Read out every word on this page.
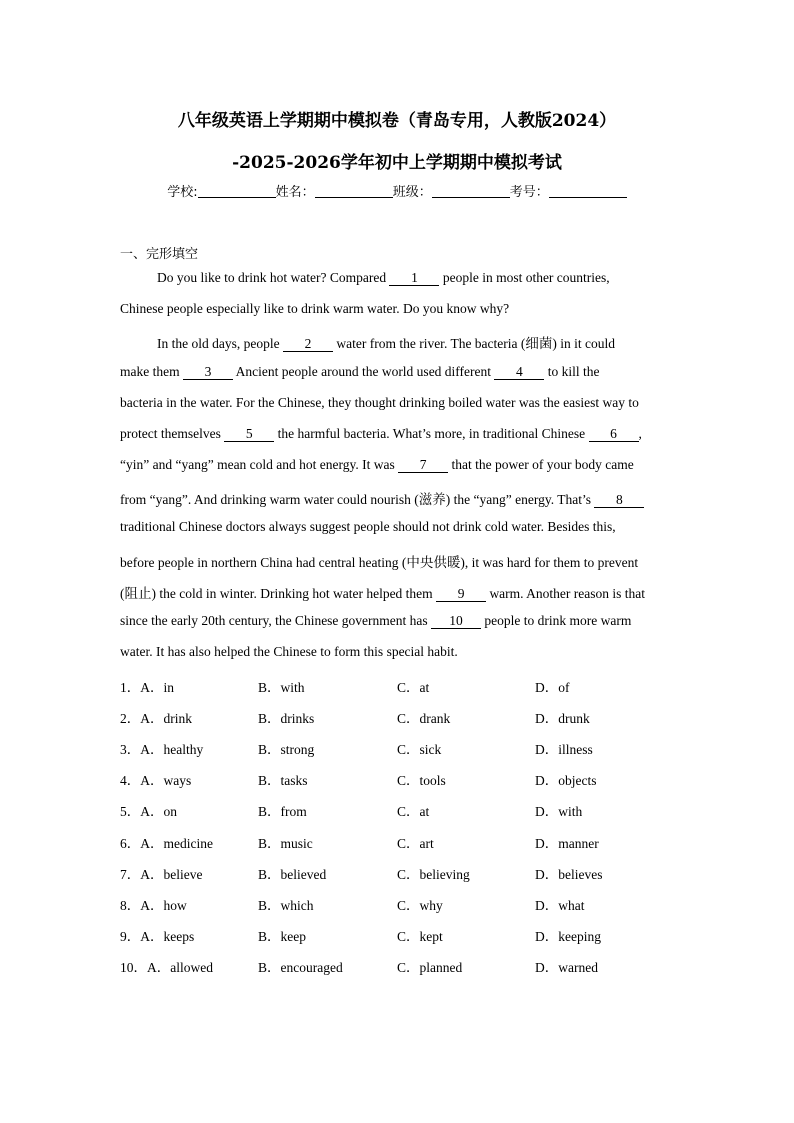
八年级英语上学期期中模拟卷（青岛专用，人教版2024）
-2025-2026学年初中上学期期中模拟考试
学校:	姓名：	班级：	考号：
一、完形填空
Do you like to drink hot water? Compared 1 people in most other countries,
Chinese people especially like to drink warm water. Do you know why?
In the old days, people 2 water from the river. The bacteria (细菌) in it could
make them 3 Ancient people around the world used different 4 to kill the
bacteria in the water. For the Chinese, they thought drinking boiled water was the easiest way to
protect themselves 5 the harmful bacteria. What’s more, in traditional Chinese 6 ,
“yin” and “yang” mean cold and hot energy. It was 7 that the power of your body came
from “yang”. And drinking warm water could nourish (滋养) the “yang” energy. That’s 8
traditional Chinese doctors always suggest people should not drink cold water. Besides this,
before people in northern China had central heating (中央供暖), it was hard for them to prevent
(阻止) the cold in winter. Drinking hot water helped them 9 warm. Another reason is that
since the early 20th century, the Chinese government has 10 people to drink more warm
water. It has also helped the Chinese to form this special habit.
1．A．in	B．with	C．at	D．of
2．A．drink	B．drinks	C．drank	D．drunk
3．A．healthy	B．strong	C．sick	D．illness
4．A．ways	B．tasks	C．tools	D．objects
5．A．on	B．from	C．at	D．with
6．A．medicine	B．music	C．art	D．manner
7．A．believe	B．believed	C．believing	D．believes
8．A．how	B．which	C．why	D．what
9．A．keeps	B．keep	C．kept	D．keeping
10．A．allowed	B．encouraged	C．planned	D．warned
